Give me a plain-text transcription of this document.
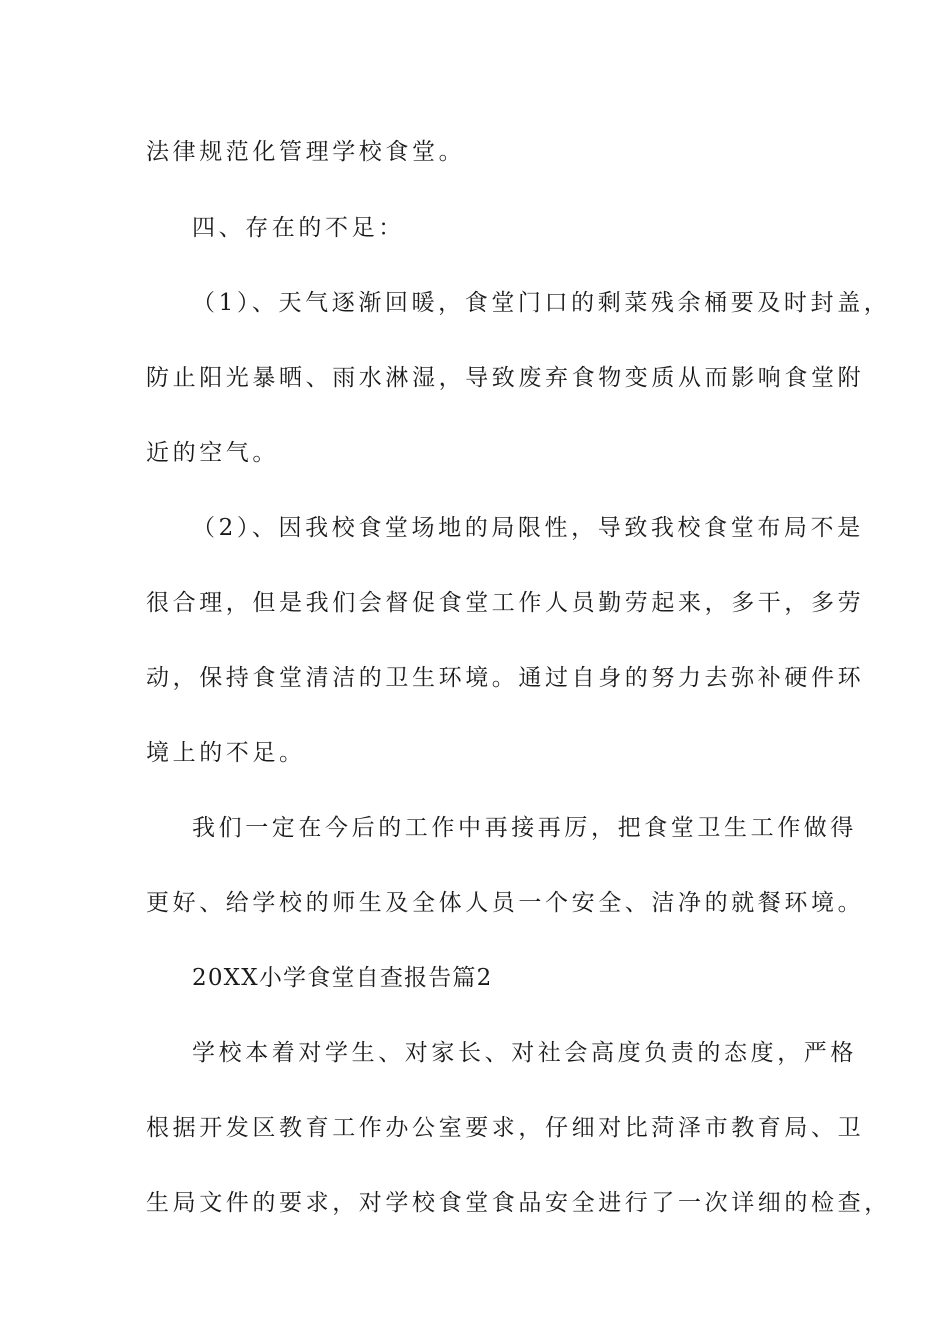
法律规范化管理学校食堂。

四、存在的不足：

（1）、天气逐渐回暖，食堂门口的剩菜残余桶要及时封盖，

防止阳光暴晒、雨水淋湿，导致废弃食物变质从而影响食堂附

近的空气。

（2）、因我校食堂场地的局限性，导致我校食堂布局不是

很合理，但是我们会督促食堂工作人员勤劳起来，多干，多劳

动，保持食堂清洁的卫生环境。通过自身的努力去弥补硬件环

境上的不足。

我们一定在今后的工作中再接再厉，把食堂卫生工作做得

更好、给学校的师生及全体人员一个安全、洁净的就餐环境。

20XX小学食堂自查报告篇2

学校本着对学生、对家长、对社会高度负责的态度，严格

根据开发区教育工作办公室要求，仔细对比菏泽市教育局、卫

生局文件的要求，对学校食堂食品安全进行了一次详细的检查，
